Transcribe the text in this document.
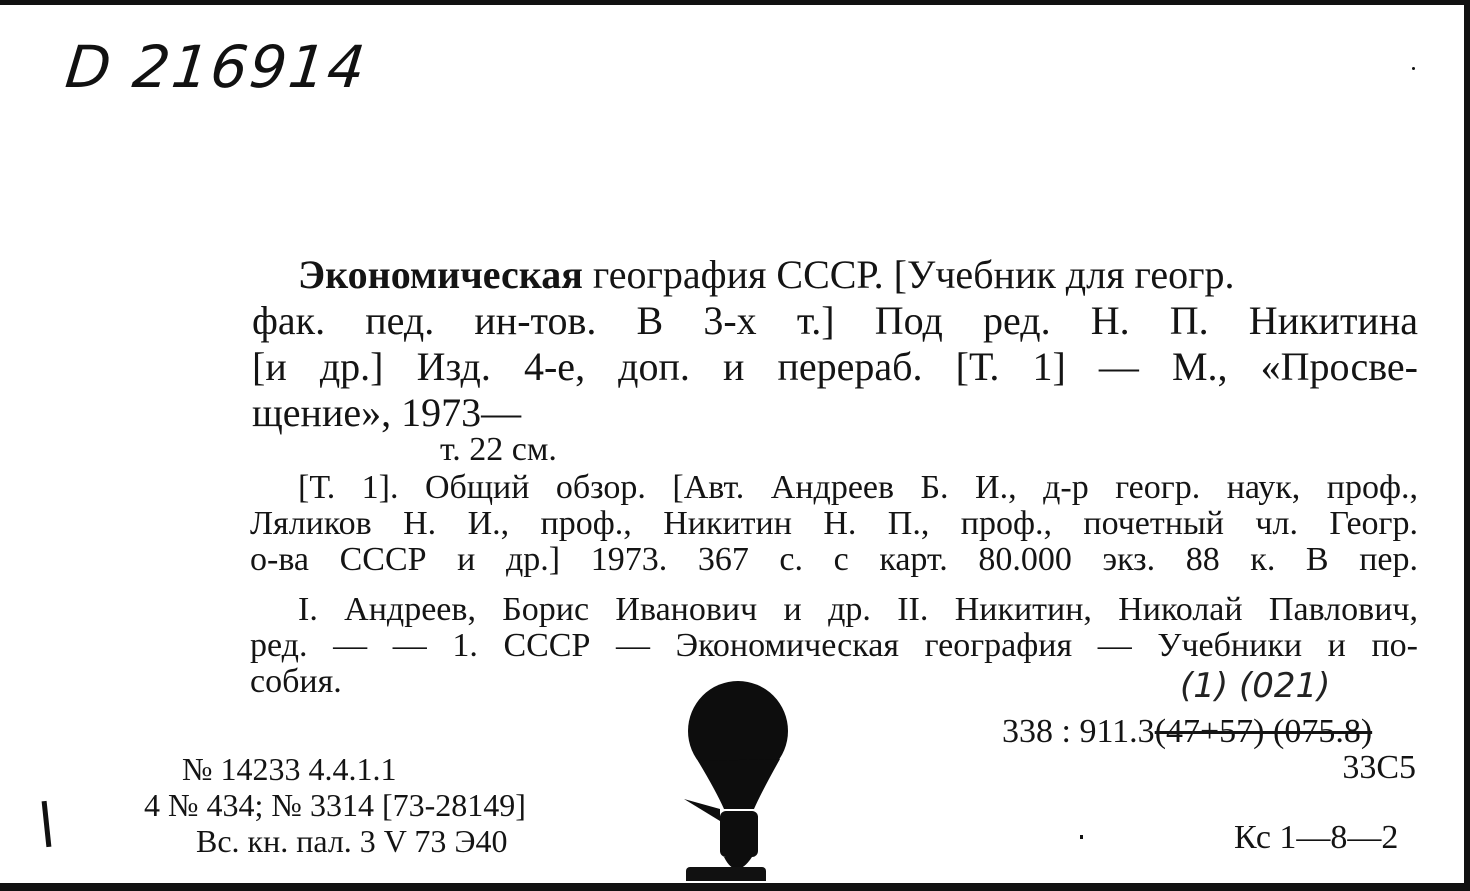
D 216914
Экономическая география СССР. [Учебник для геогр.
фак. пед. ин-тов. В 3-х т.] Под ред. Н. П. Никитина
[и др.] Изд. 4-е, доп. и перераб. [Т. 1] — М., «Просве-
щение», 1973—
т. 22 см.
[Т. 1]. Общий обзор. [Авт. Андреев Б. И., д-р геогр. наук, проф.,
Ляликов Н. И., проф., Никитин Н. П., проф., почетный чл. Геогр.
о-ва СССР и др.] 1973. 367 с. с карт. 80.000 экз. 88 к. В пер.
I. Андреев, Борис Иванович и др. II. Никитин, Николай Павлович,
ред. — — 1. СССР — Экономическая география — Учебники и по-
собия.	(1) (021)
338 : 911.3(47+57) (075.8)
33С5
Кс 1—8—2
№ 14233 4.4.1.1
4 № 434; № 3314 [73-28149]
Вс. кн. пал. 3 V 73 Э40
